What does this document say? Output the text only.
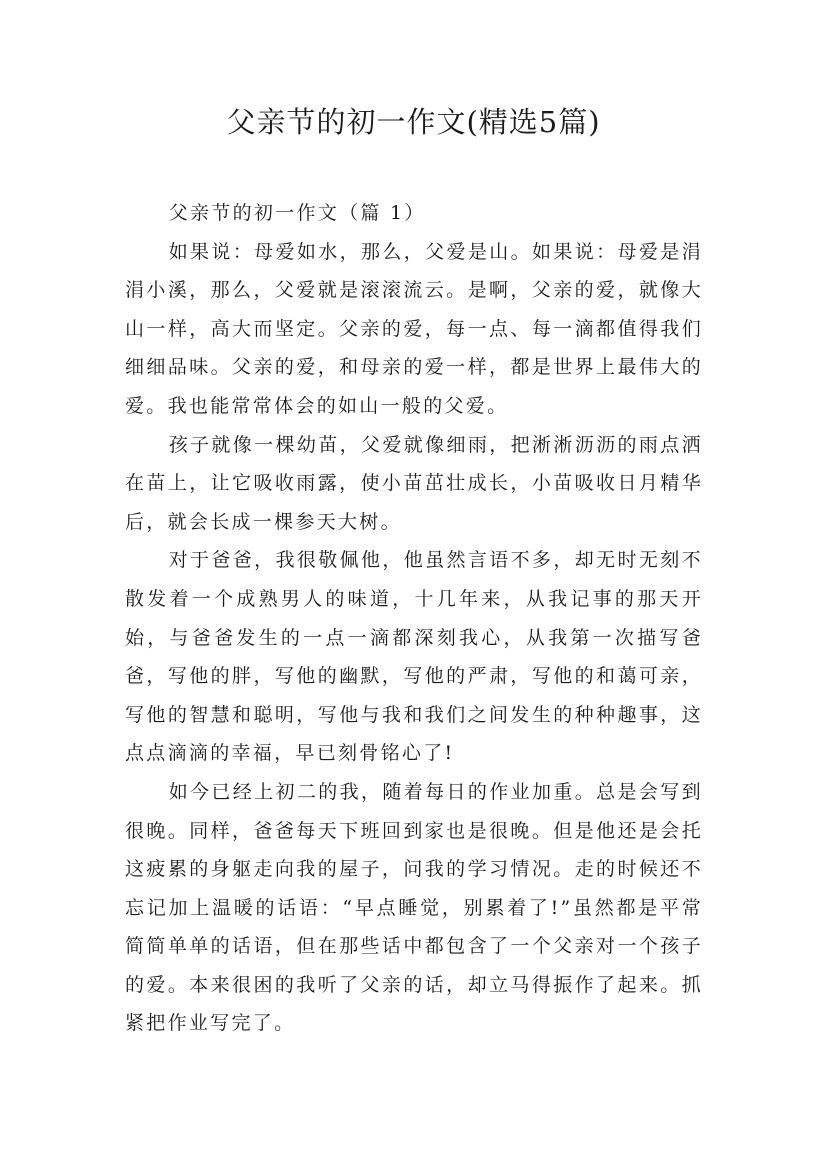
父亲节的初一作文(精选5篇)

父亲节的初一作文（篇 1）

如果说：母爱如水，那么，父爱是山。如果说：母爱是涓涓小溪，那么，父爱就是滚滚流云。是啊，父亲的爱，就像大山一样，高大而坚定。父亲的爱，每一点、每一滴都值得我们细细品味。父亲的爱，和母亲的爱一样，都是世界上最伟大的爱。我也能常常体会的如山一般的父爱。

孩子就像一棵幼苗，父爱就像细雨，把淅淅沥沥的雨点洒在苗上，让它吸收雨露，使小苗茁壮成长，小苗吸收日月精华后，就会长成一棵参天大树。

对于爸爸，我很敬佩他，他虽然言语不多，却无时无刻不散发着一个成熟男人的味道，十几年来，从我记事的那天开始，与爸爸发生的一点一滴都深刻我心，从我第一次描写爸爸，写他的胖，写他的幽默，写他的严肃，写他的和蔼可亲，写他的智慧和聪明，写他与我和我们之间发生的种种趣事，这点点滴滴的幸福，早已刻骨铭心了!

如今已经上初二的我，随着每日的作业加重。总是会写到很晚。同样，爸爸每天下班回到家也是很晚。但是他还是会托这疲累的身躯走向我的屋子，问我的学习情况。走的时候还不忘记加上温暖的话语：“早点睡觉，别累着了!”虽然都是平常简简单单的话语，但在那些话中都包含了一个父亲对一个孩子的爱。本来很困的我听了父亲的话，却立马得振作了起来。抓紧把作业写完了。
